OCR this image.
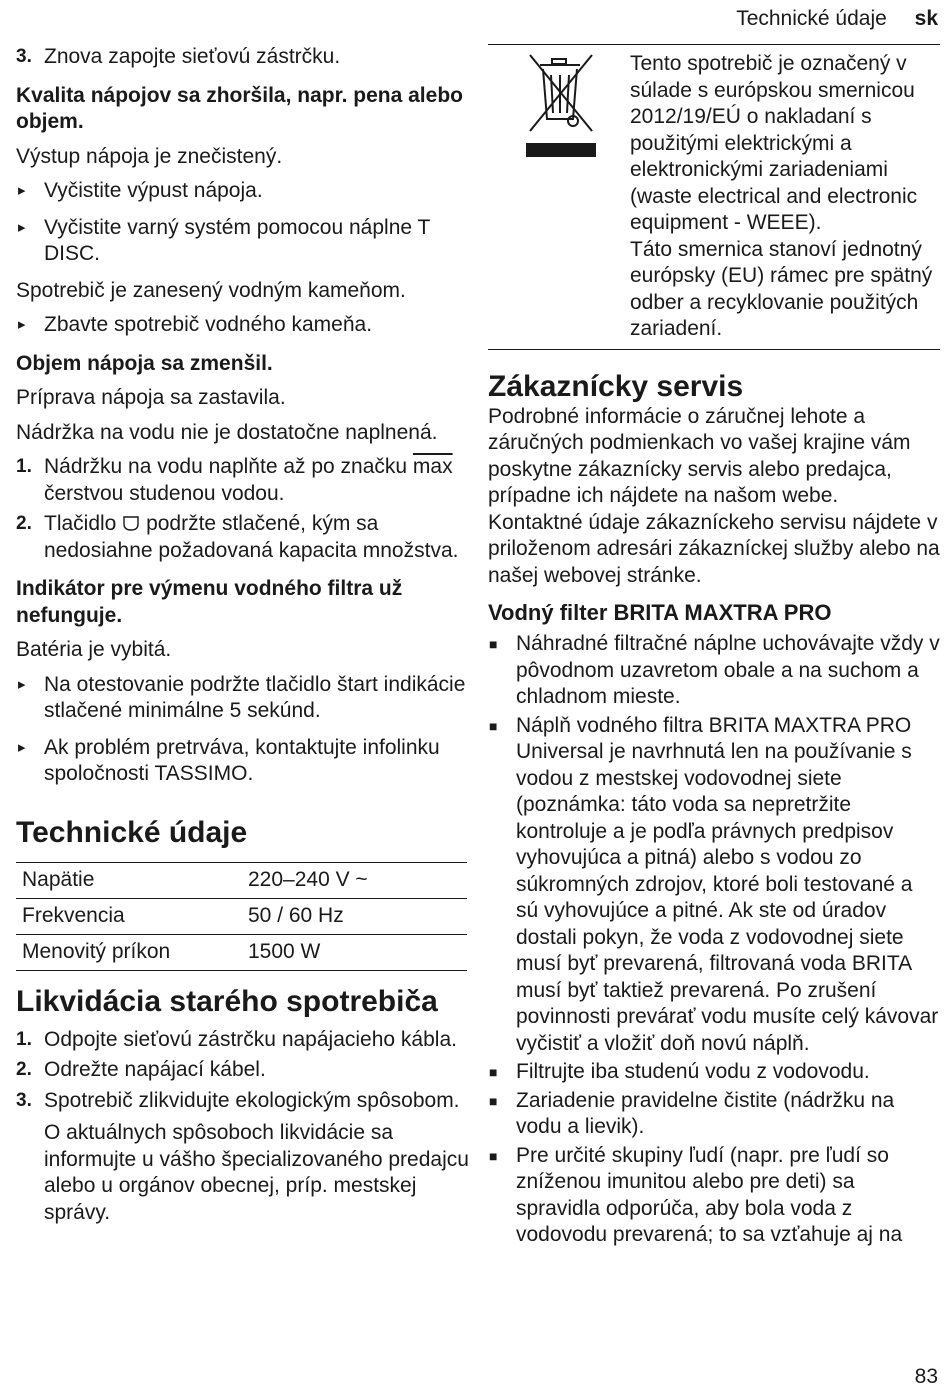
Technické údaje sk
3. Znova zapojte sieťovú zástrčku.

Kvalita nápojov sa zhoršila, napr. pena alebo objem.

Výstup nápoja je znečistený.

▸ Vyčistite výpust nápoja.

▸ Vyčistite varný systém pomocou náplne T DISC.

Spotrebič je zanesený vodným kameňom.

▸ Zbavte spotrebič vodného kameňa.

Objem nápoja sa zmenšil.

Príprava nápoja sa zastavila.

Nádržka na vodu nie je dostatočne naplnená.

1. Nádržku na vodu naplňte až po značku $\overline{max}$ čerstvou studenou vodou.
2. Tlačidlo podržte stlačené, kým sa nedosiahne požadovaná kapacita množstva.

Indikátor pre výmenu vodného filtra už nefunguje.

Batéria je vybitá.

▸ Na otestovanie podržte tlačidlo štart indikácie stlačené minimálne 5 sekúnd.

▸ Ak problém pretrváva, kontaktujte infolinku spoločnosti TASSIMO.

Technické údaje
Napätie	220–240 V ~
Frekvencia	50 / 60 Hz
Menovitý príkon	1500 W
Likvidácia starého spotrebiča
1. Odpojte sieťovú zástrčku napájacieho kábla.
2. Odrežte napájací kábel.
3. Spotrebič zlikvidujte ekologickým spôsobom.

O aktuálnych spôsoboch likvidácie sa informujte u vášho špecializovaného predajcu alebo u orgánov obecnej, príp. mestskej správy.

Tento spotrebič je označený v súlade s európskou smernicou 2012/19/EÚ o nakladaní s použitými elektrickými a elektronickými zariadeniami (waste electrical and electronic equipment - WEEE).

Táto smernica stanoví jednotný európsky (EU) rámec pre spätný odber a recyklovanie použitých zariadení.

Zákaznícky servis

Podrobné informácie o záručnej lehote a záručných podmienkach vo vašej krajine vám poskytne zákaznícky servis alebo predajca, prípadne ich nájdete na našom webe.

Kontaktné údaje zákazníckeho servisu nájdete v priloženom adresári zákazníckej služby alebo na našej webovej stránke.

Vodný filter BRITA MAXTRA PRO

■ Náhradné filtračné náplne uchovávajte vždy v pôvodnom uzavretom obale a na suchom a chladnom mieste.

■ Náplň vodného filtra BRITA MAXTRA PRO Universal je navrhnutá len na používanie s vodou z mestskej vodovodnej siete (poznámka: táto voda sa nepretržite kontroluje a je podľa právnych predpisov vyhovujúca a pitná) alebo s vodou zo súkromných zdrojov, ktoré boli testované a sú vyhovujúce a pitné. Ak ste od úradov dostali pokyn, že voda z vodovodnej siete musí byť prevarená, filtrovaná voda BRITA musí byť taktiež prevarená. Po zrušení povinnosti prevárať vodu musíte celý kávovar vyčistiť a vložiť doň novú náplň.

■ Filtrujte iba studenú vodu z vodovodu.

■ Zariadenie pravidelne čistite (nádržku na vodu a lievik).

■ Pre určité skupiny ľudí (napr. pre ľudí so zníženou imunitou alebo pre deti) sa spravidla odporúča, aby bola voda z vodovodu prevarená; to sa vzťahuje aj na

83
